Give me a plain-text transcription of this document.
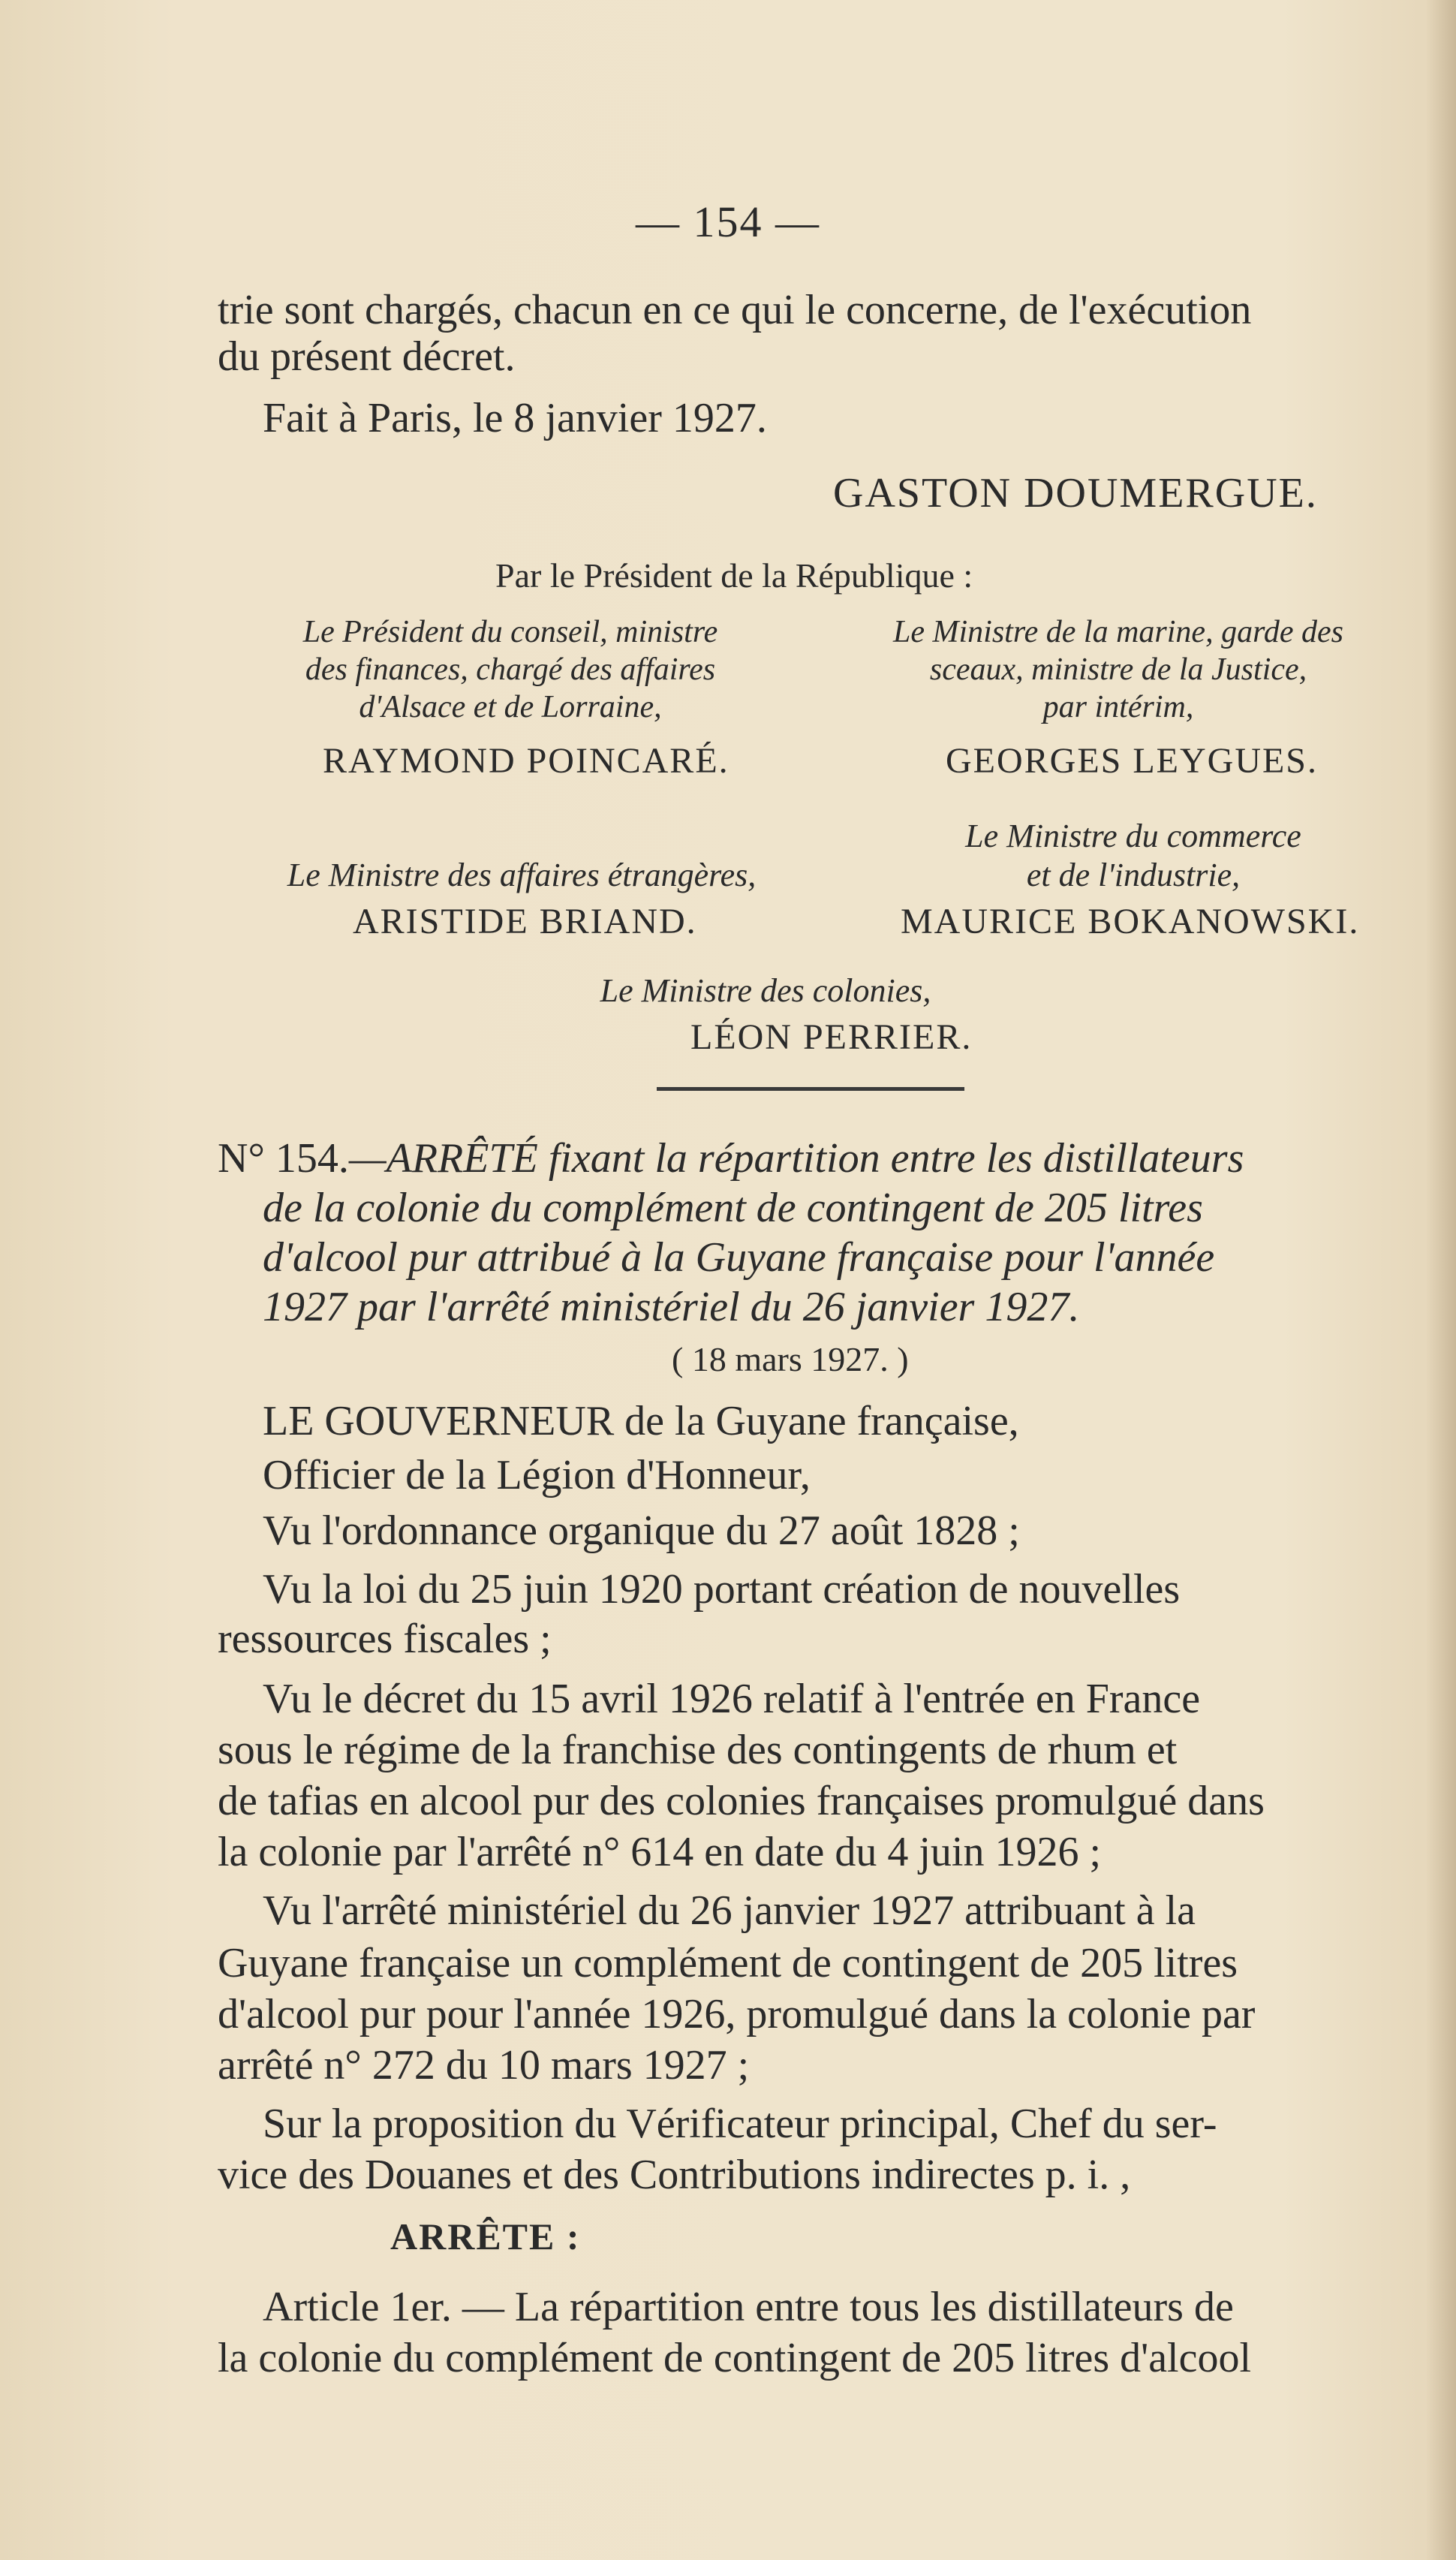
— 154 —
trie sont chargés, chacun en ce qui le concerne, de l'exécution
du présent décret.
Fait à Paris, le 8 janvier 1927.
GASTON DOUMERGUE.
Par le Président de la République :
Le Président du conseil, ministre
des finances, chargé des affaires
d'Alsace et de Lorraine,
RAYMOND POINCARÉ.
Le Ministre de la marine, garde des
sceaux, ministre de la Justice,
par intérim,
GEORGES LEYGUES.
Le Ministre des affaires étrangères,
ARISTIDE BRIAND.
Le Ministre du commerce
et de l'industrie,
MAURICE BOKANOWSKI.
Le Ministre des colonies,
LÉON PERRIER.
N° 154.—ARRÊTÉ fixant la répartition entre les distillateurs
de la colonie du complément de contingent de 205 litres
d'alcool pur attribué à la Guyane française pour l'année
1927 par l'arrêté ministériel du 26 janvier 1927.
( 18 mars 1927. )
LE GOUVERNEUR de la Guyane française,
Officier de la Légion d'Honneur,
Vu l'ordonnance organique du 27 août 1828 ;
Vu la loi du 25 juin 1920 portant création de nouvelles
ressources fiscales ;
Vu le décret du 15 avril 1926 relatif à l'entrée en France
sous le régime de la franchise des contingents de rhum et
de tafias en alcool pur des colonies françaises promulgué dans
la colonie par l'arrêté n° 614 en date du 4 juin 1926 ;
Vu l'arrêté ministériel du 26 janvier 1927 attribuant à la
Guyane française un complément de contingent de 205 litres
d'alcool pur pour l'année 1926, promulgué dans la colonie par
arrêté n° 272 du 10 mars 1927 ;
Sur la proposition du Vérificateur principal, Chef du ser-
vice des Douanes et des Contributions indirectes p. i. ,
ARRÊTE :
Article 1er. — La répartition entre tous les distillateurs de
la colonie du complément de contingent de 205 litres d'alcool
